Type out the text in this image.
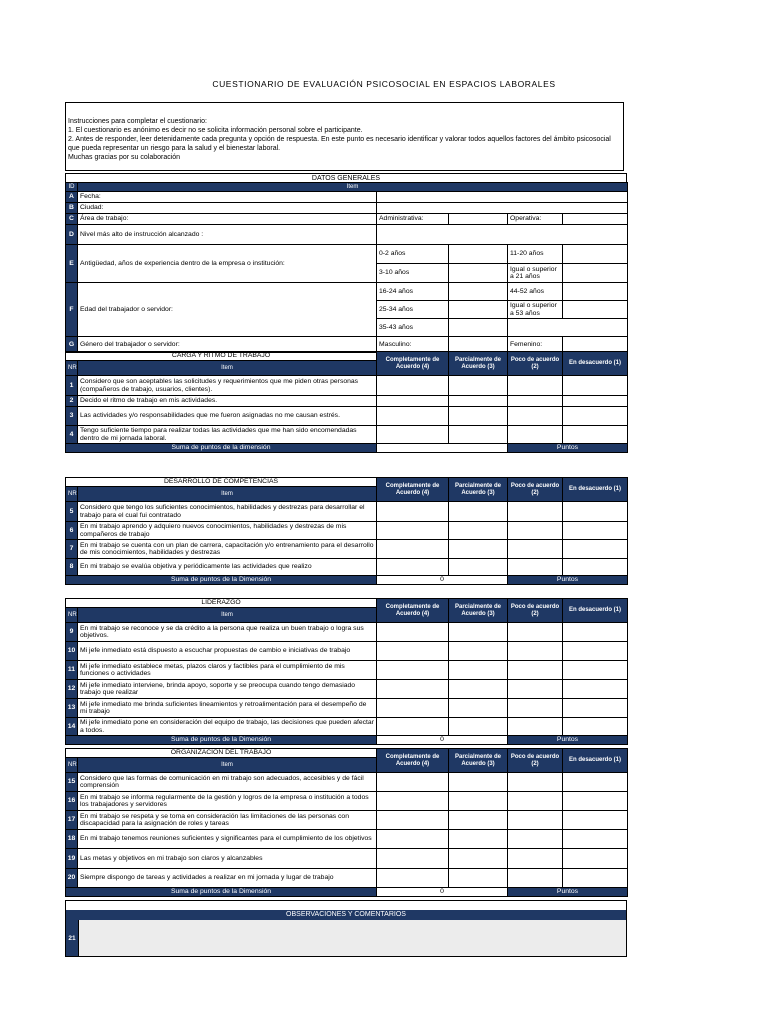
CUESTIONARIO DE EVALUACIÓN PSICOSOCIAL EN ESPACIOS LABORALES
Instrucciones para completar el cuestionario:
1. El cuestionario es anónimo es decir no se solicita información personal sobre el participante.
2. Antes de responder, leer detenidamente cada pregunta y opción de respuesta. En este punto es necesario identificar y valorar todos aquellos factores del ámbito psicosocial que pueda representar un riesgo para la salud y el bienestar laboral.
Muchas gracias por su colaboración
DATOS GENERALES
ID	Item				
A	Fecha:				
B	Ciudad:				
C	Área de trabajo:	Administrativa:		Operativa:	
D	Nivel más alto de instrucción alcanzado :				
E	Antigüedad, años de experiencia dentro de la empresa o institución:	0-2 años		11-20 años	
		3-10 años		Igual o superior a 21 años	
F	Edad del trabajador o servidor:	16-24 años		44-52 años	
		25-34 años		Igual o superior a 53 años	
		35-43 años			
G	Género del trabajador o servidor:	Masculino:		Femenino:	
CARGA Y RITMO DE TRABAJO		Completamente de Acuerdo (4)	Parcialmente de Acuerdo (3)	Poco de acuerdo (2)	En desacuerdo (1)
NR	Item				
1	Considero que son aceptables las solicitudes y requerimientos que me piden otras personas (compañeros de trabajo, usuarios, clientes).				
2	Decido el ritmo de trabajo en mis actividades.				
3	Las actividades y/o responsabilidades que me fueron asignadas no me causan estrés.				
4	Tengo suficiente tiempo para realizar todas las actividades que me han sido encomendadas dentro de mi jornada laboral.				
Suma de puntos de la dimensión				Puntos	
DESARROLLO DE COMPETENCIAS		Completamente de Acuerdo (4)	Parcialmente de Acuerdo (3)	Poco de acuerdo (2)	En desacuerdo (1)
NR	Item				
5	Considero que tengo los suficientes conocimientos, habilidades y destrezas para desarrollar el trabajo para el cual fui contratado				
6	En mi trabajo aprendo y adquiero nuevos conocimientos, habilidades y destrezas de mis compañeros de trabajo				
7	En mi trabajo se cuenta con un plan de carrera, capacitación y/o entrenamiento para el desarrollo de mis conocimientos, habilidades y destrezas				
8	En mi trabajo se evalúa objetiva y periódicamente las actividades que realizo				
Suma de puntos de la Dimensión		0		Puntos	
LIDERAZGO		Completamente de Acuerdo (4)	Parcialmente de Acuerdo (3)	Poco de acuerdo (2)	En desacuerdo (1)
NR	Item				
9	En mi trabajo se reconoce y se da crédito a la persona que realiza un buen trabajo o logra sus objetivos.				
10	Mi jefe inmediato está dispuesto a escuchar propuestas de cambio e iniciativas de trabajo				
11	Mi jefe inmediato establece metas, plazos claros y factibles para el cumplimiento de mis funciones o actividades				
12	Mi jefe inmediato interviene, brinda apoyo, soporte y se preocupa cuando tengo demasiado trabajo que realizar				
13	Mi jefe inmediato me brinda suficientes lineamientos y retroalimentación para el desempeño de mi trabajo				
14	Mi jefe inmediato pone en consideración del equipo de trabajo, las decisiones que pueden afectar a todos.				
Suma de puntos de la Dimensión		0		Puntos	
ORGANIZACIÓN DEL TRABAJO		Completamente de Acuerdo (4)	Parcialmente de Acuerdo (3)	Poco de acuerdo (2)	En desacuerdo (1)
NR	Item				
15	Considero que las formas de comunicación en mi trabajo son adecuados, accesibles y de fácil comprensión				
16	En mi trabajo se informa regularmente de la gestión y logros de la empresa o institución a todos los trabajadores y servidores				
17	En mi trabajo se respeta y se toma en consideración las limitaciones de las personas con discapacidad para la asignación de roles y tareas				
18	En mi trabajo tenemos reuniones suficientes y significantes para el cumplimiento de los objetivos				
19	Las metas y objetivos en mi trabajo son claros y alcanzables				
20	Siempre dispongo de tareas y actividades a realizar en mi jornada y lugar de trabajo				
Suma de puntos de la Dimensión		0		Puntos	
OBSERVACIONES Y COMENTARIOS
21
